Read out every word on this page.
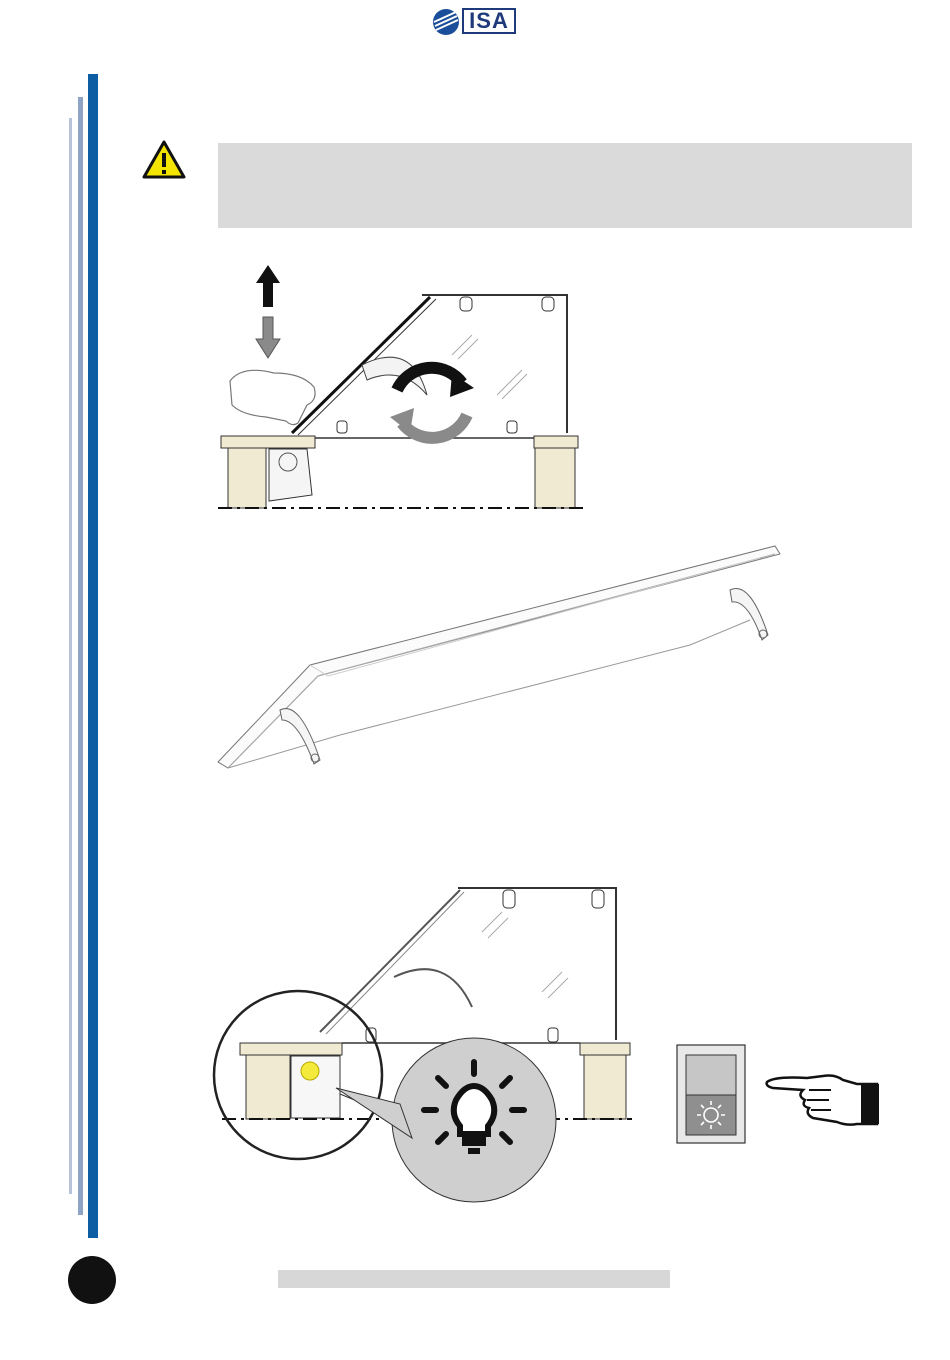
ISA
